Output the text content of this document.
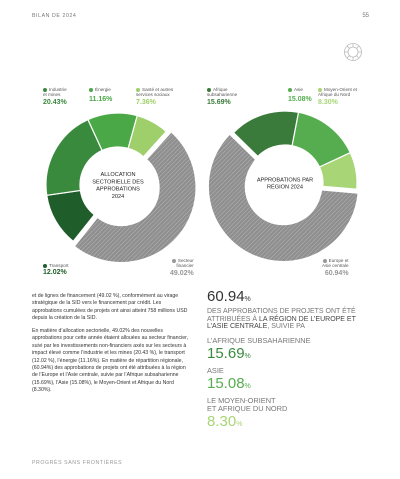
BILAN DE 2024	55
Industrie
et mines
20.43%
Énergie
11.16%
Santé et autres
services sociaux
7.36%
Transport
12.02%
Secteur
financier
49.02%
Afrique
subsaharienne
15.69%
Asie
15.08%
Moyen-Orient et
Afrique du Nord
8.30%
Europe et
Asie centrale
60.94%
ALLOCATION SECTORIELLE DES APPROBATIONS 2024
APPROBATIONS PAR RÉGION 2024
et de lignes de financement (49.02 %), conformément au virage stratégique de la SID vers le financement par crédit. Les approbations cumulées de projets ont ainsi atteint 758 millions USD depuis la création de la SID.
En matière d’allocation sectorielle, 49.02% des nouvelles approbations pour cette année étaient allouées au secteur financier, suivi par les investissements non-financiers axés sur les secteurs à impact élevé comme l’industrie et les mines (20.43 %), le transport (12.02 %), l’énergie (11.16%). En matière de répartition régionale, (60.94%) des approbations de projets ont été attribuées à la région de l’Europe et l’Asie centrale, suivie par l’Afrique subsaharienne (15.69%), l’Asie (15.08%), le Moyen-Orient et Afrique du Nord (8.30%).
60.94%
DES APPROBATIONS DE PROJETS ONT ÉTÉ ATTRIBUÉES À LA RÉGION DE L’EUROPE ET L’ASIE CENTRALE, SUIVIE PA
L’AFRIQUE SUBSAHARIENNE
15.69%
ASIE
15.08%
LE MOYEN-ORIENT
ET AFRIQUE DU NORD
8.30%
PROGRÈS SANS FRONTIÈRES
